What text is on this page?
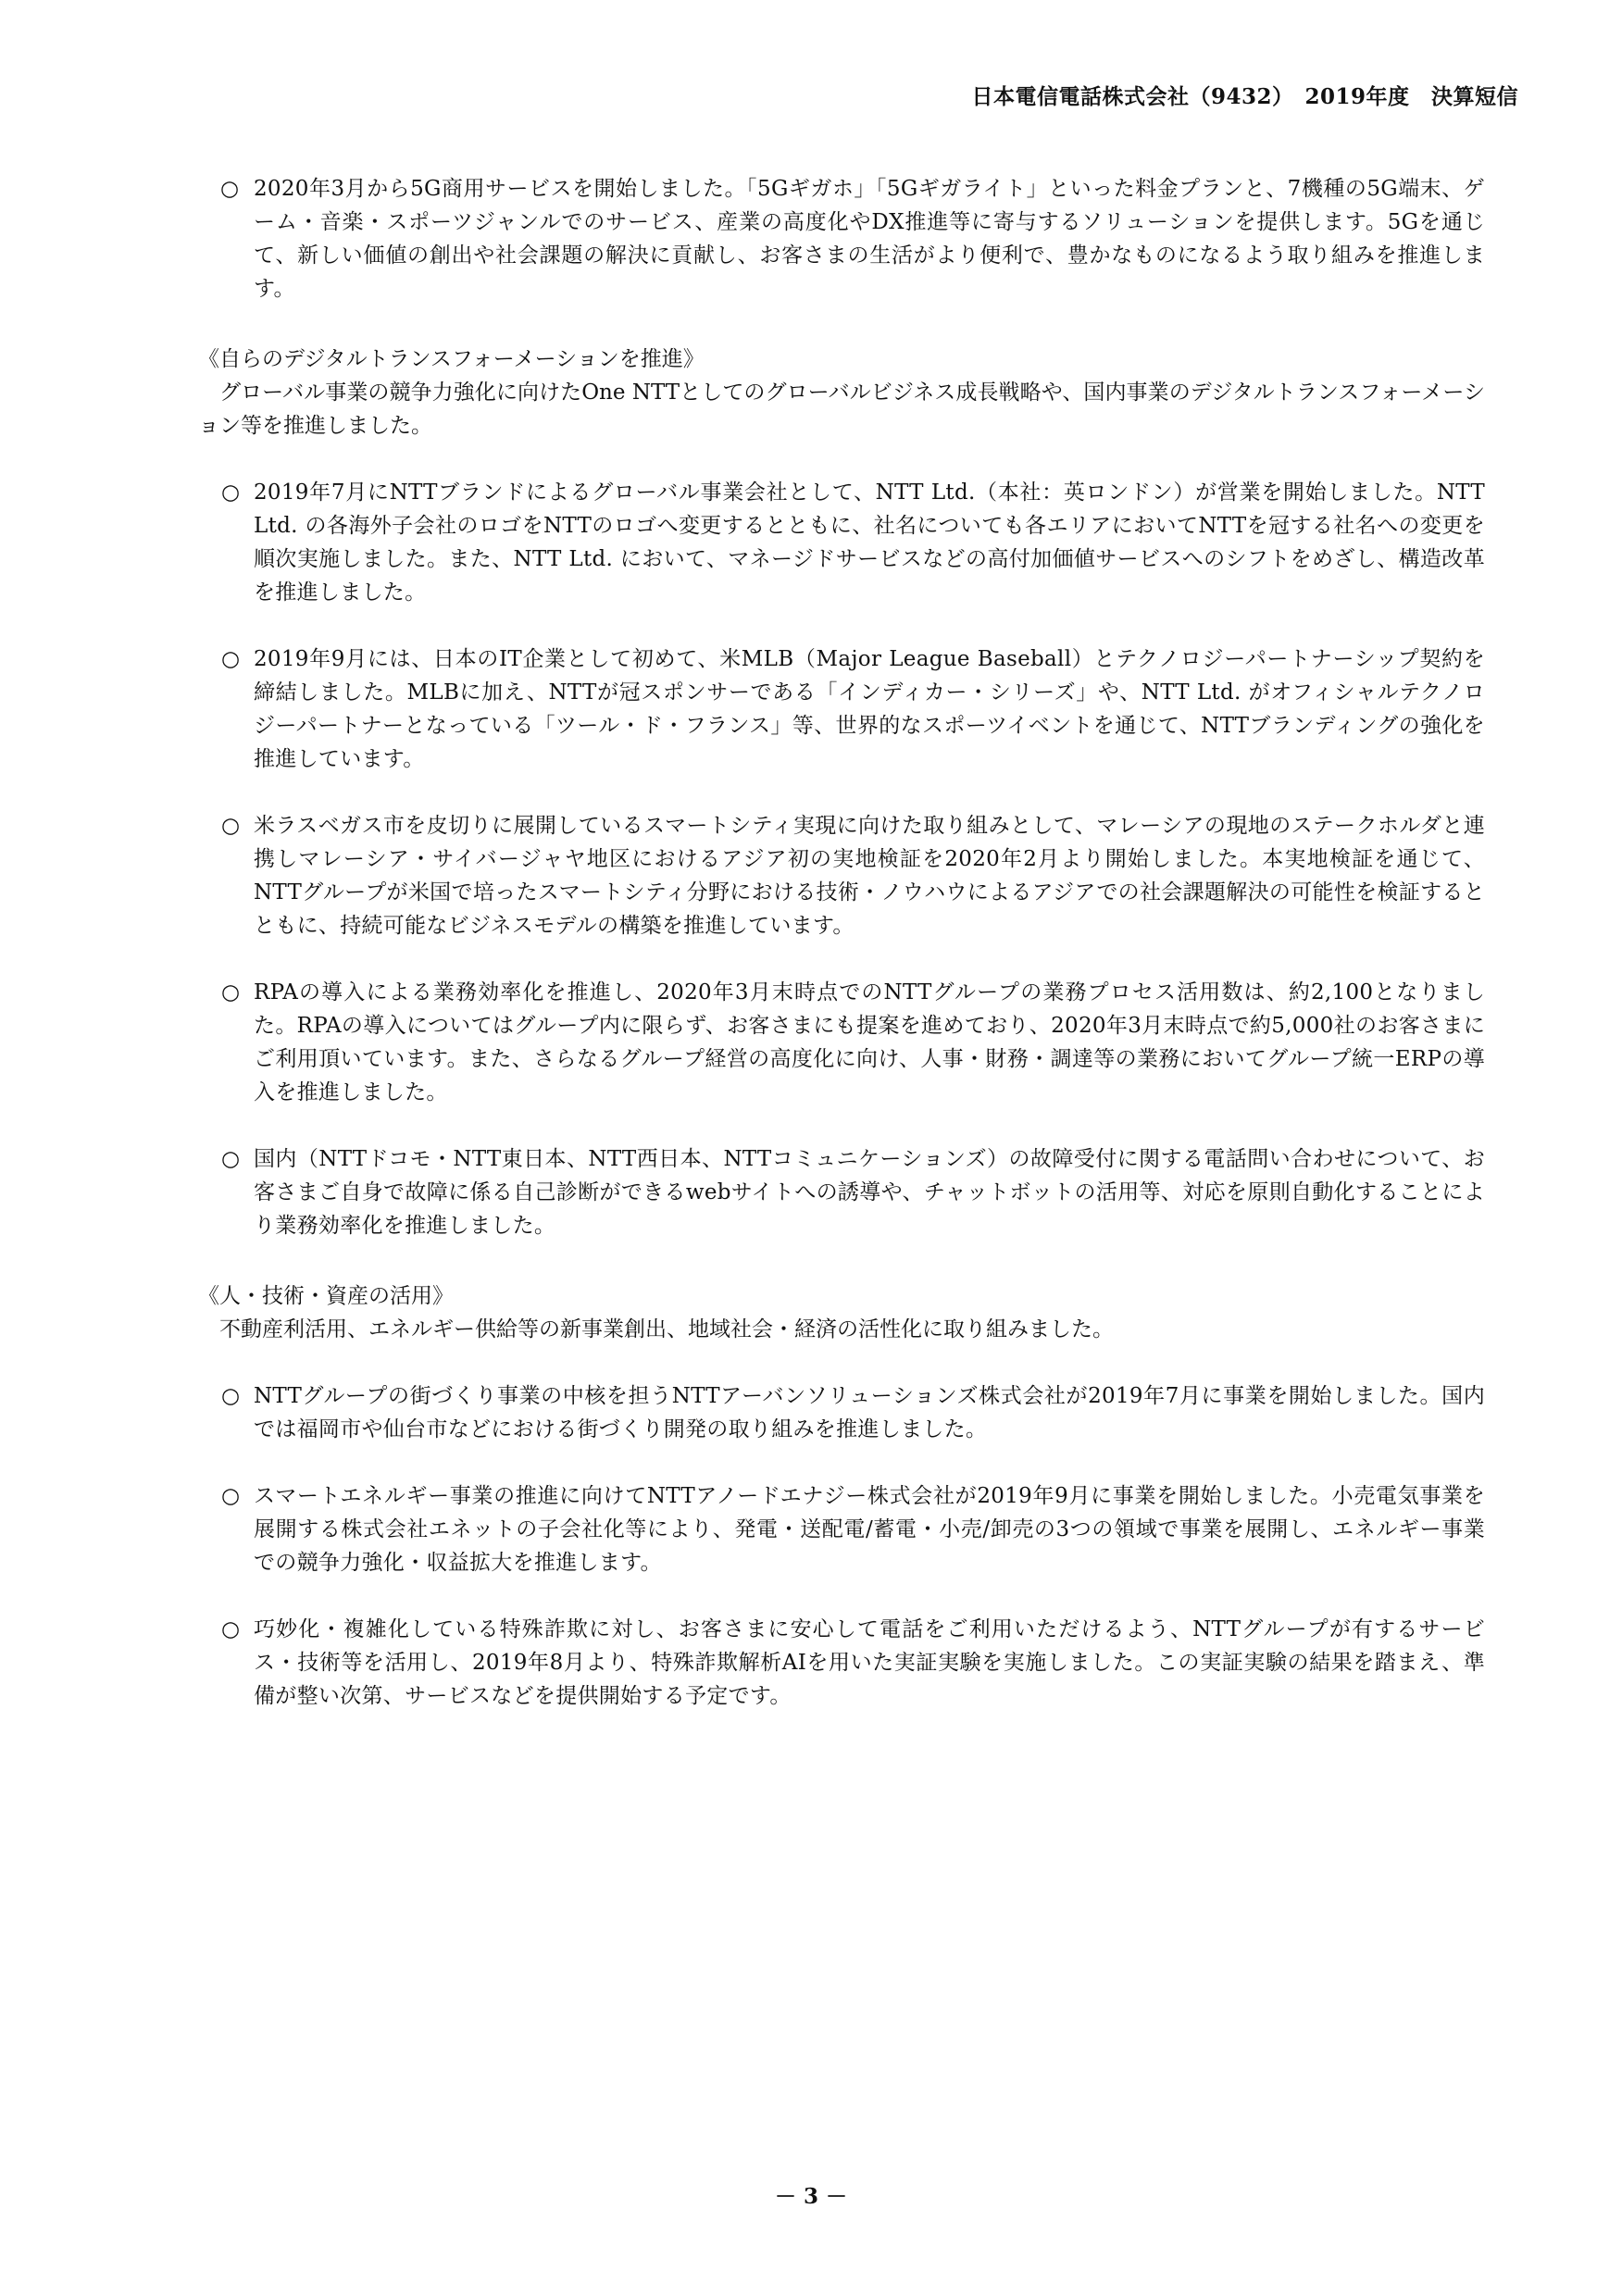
日本電信電話株式会社（9432）　2019年度　決算短信
○ 2020年3月から5G商用サービスを開始しました。「5Gギガホ」「5Gギガライト」といった料金プランと、7機種の5G端末、ゲーム・音楽・スポーツジャンルでのサービス、産業の高度化やDX推進等に寄与するソリューションを提供します。5Gを通じて、新しい価値の創出や社会課題の解決に貢献し、お客さまの生活がより便利で、豊かなものになるよう取り組みを推進します。
《自らのデジタルトランスフォーメーションを推進》
グローバル事業の競争力強化に向けたOne NTTとしてのグローバルビジネス成長戦略や、国内事業のデジタルトランスフォーメーション等を推進しました。
○ 2019年7月にNTTブランドによるグローバル事業会社として、NTT Ltd.（本社：英ロンドン）が営業を開始しました。NTT Ltd. の各海外子会社のロゴをNTTのロゴへ変更するとともに、社名についても各エリアにおいてNTTを冠する社名への変更を順次実施しました。また、NTT Ltd. において、マネージドサービスなどの高付加価値サービスへのシフトをめざし、構造改革を推進しました。
○ 2019年9月には、日本のIT企業として初めて、米MLB（Major League Baseball）とテクノロジーパートナーシップ契約を締結しました。MLBに加え、NTTが冠スポンサーである「インディカー・シリーズ」や、NTT Ltd. がオフィシャルテクノロジーパートナーとなっている「ツール・ド・フランス」等、世界的なスポーツイベントを通じて、NTTブランディングの強化を推進しています。
○ 米ラスベガス市を皮切りに展開しているスマートシティ実現に向けた取り組みとして、マレーシアの現地のステークホルダと連携しマレーシア・サイバージャヤ地区におけるアジア初の実地検証を2020年2月より開始しました。本実地検証を通じて、NTTグループが米国で培ったスマートシティ分野における技術・ノウハウによるアジアでの社会課題解決の可能性を検証するとともに、持続可能なビジネスモデルの構築を推進しています。
○ RPAの導入による業務効率化を推進し、2020年3月末時点でのNTTグループの業務プロセス活用数は、約2,100となりました。RPAの導入についてはグループ内に限らず、お客さまにも提案を進めており、2020年3月末時点で約5,000社のお客さまにご利用頂いています。また、さらなるグループ経営の高度化に向け、人事・財務・調達等の業務においてグループ統一ERPの導入を推進しました。
○ 国内（NTTドコモ・NTT東日本、NTT西日本、NTTコミュニケーションズ）の故障受付に関する電話問い合わせについて、お客さまご自身で故障に係る自己診断ができるwebサイトへの誘導や、チャットボットの活用等、対応を原則自動化することにより業務効率化を推進しました。
《人・技術・資産の活用》
不動産利活用、エネルギー供給等の新事業創出、地域社会・経済の活性化に取り組みました。
○ NTTグループの街づくり事業の中核を担うNTTアーバンソリューションズ株式会社が2019年7月に事業を開始しました。国内では福岡市や仙台市などにおける街づくり開発の取り組みを推進しました。
○ スマートエネルギー事業の推進に向けてNTTアノードエナジー株式会社が2019年9月に事業を開始しました。小売電気事業を展開する株式会社エネットの子会社化等により、発電・送配電/蓄電・小売/卸売の3つの領域で事業を展開し、エネルギー事業での競争力強化・収益拡大を推進します。
○ 巧妙化・複雑化している特殊詐欺に対し、お客さまに安心して電話をご利用いただけるよう、NTTグループが有するサービス・技術等を活用し、2019年8月より、特殊詐欺解析AIを用いた実証実験を実施しました。この実証実験の結果を踏まえ、準備が整い次第、サービスなどを提供開始する予定です。
－ 3 －
